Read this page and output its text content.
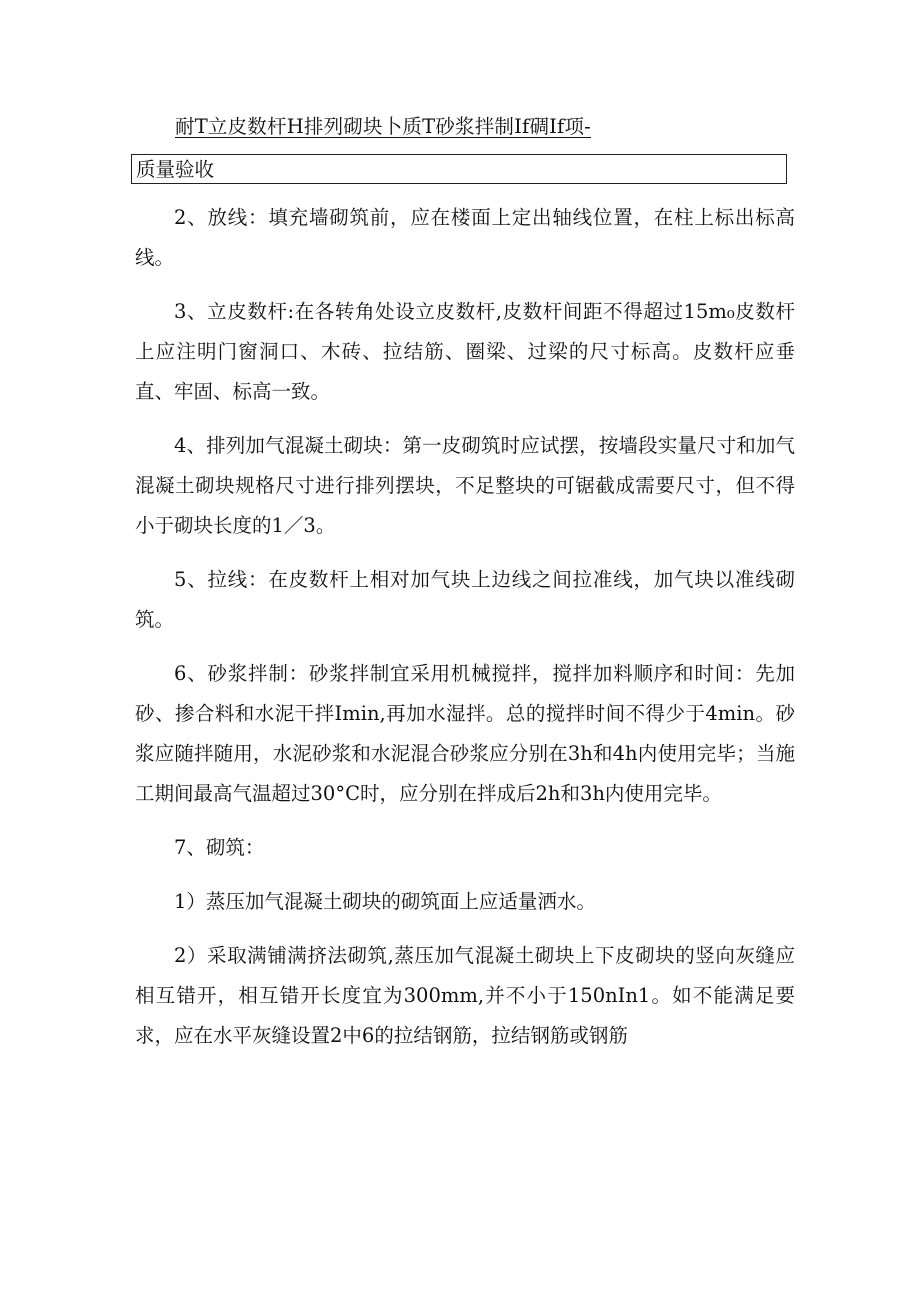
耐T立皮数杆H排列砌块卜质T砂浆拌制If碉If项-
质量验收

2、放线：填充墙砌筑前，应在楼面上定出轴线位置，在柱上标出标高线。

3、立皮数杆:在各转角处设立皮数杆,皮数杆间距不得超过15m₀皮数杆上应注明门窗洞口、木砖、拉结筋、圈梁、过梁的尺寸标高。皮数杆应垂直、牢固、标高一致。

4、排列加气混凝土砌块：第一皮砌筑时应试摆，按墙段实量尺寸和加气混凝土砌块规格尺寸进行排列摆块，不足整块的可锯截成需要尺寸，但不得小于砌块长度的1／3。

5、拉线：在皮数杆上相对加气块上边线之间拉准线，加气块以准线砌筑。

6、砂浆拌制：砂浆拌制宜采用机械搅拌，搅拌加料顺序和时间：先加砂、掺合料和水泥干拌Imin,再加水湿拌。总的搅拌时间不得少于4min。砂浆应随拌随用，水泥砂浆和水泥混合砂浆应分别在3h和4h内使用完毕；当施工期间最高气温超过30°C时，应分别在拌成后2h和3h内使用完毕。

7、砌筑：

1）蒸压加气混凝土砌块的砌筑面上应适量洒水。

2）采取满铺满挤法砌筑,蒸压加气混凝土砌块上下皮砌块的竖向灰缝应相互错开，相互错开长度宜为300mm,并不小于150nIn1。如不能满足要求，应在水平灰缝设置2中6的拉结钢筋，拉结钢筋或钢筋
